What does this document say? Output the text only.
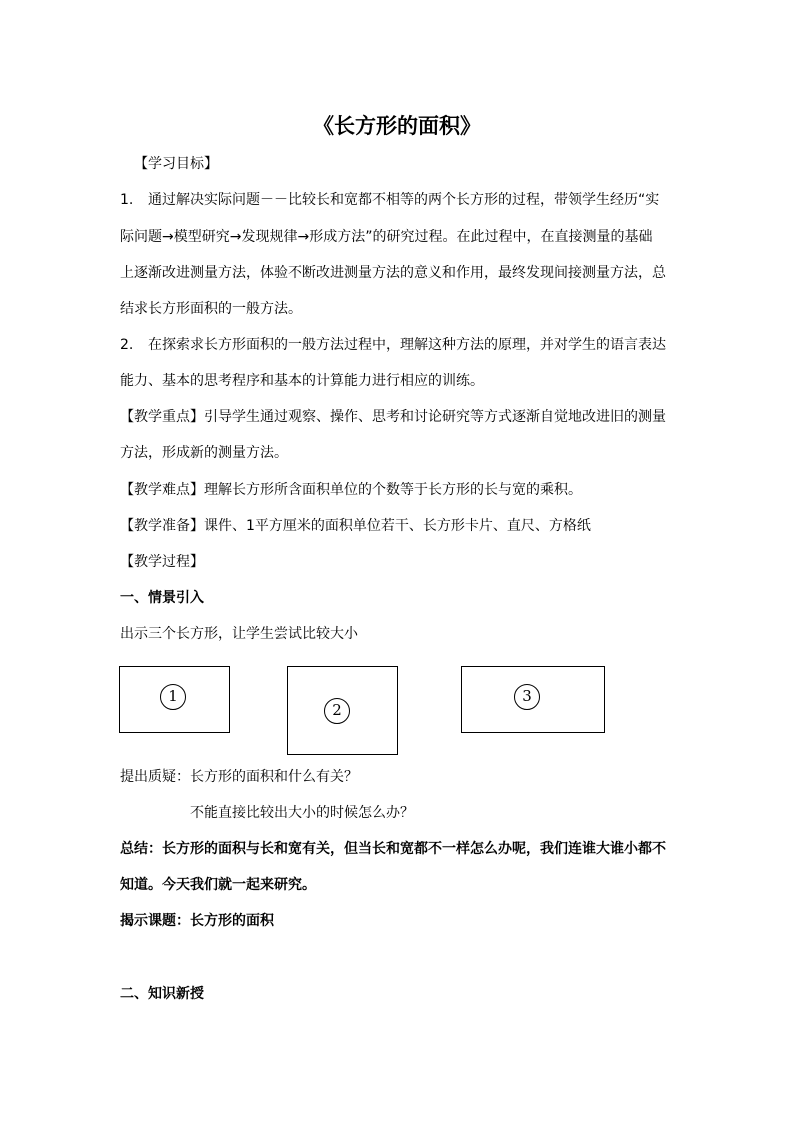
《长方形的面积》
【学习目标】
1. 通过解决实际问题－－比较长和宽都不相等的两个长方形的过程，带领学生经历“实
际问题→模型研究→发现规律→形成方法”的研究过程。在此过程中，在直接测量的基础
上逐渐改进测量方法，体验不断改进测量方法的意义和作用，最终发现间接测量方法，总
结求长方形面积的一般方法。
2. 在探索求长方形面积的一般方法过程中，理解这种方法的原理，并对学生的语言表达
能力、基本的思考程序和基本的计算能力进行相应的训练。
【教学重点】引导学生通过观察、操作、思考和讨论研究等方式逐渐自觉地改进旧的测量
方法，形成新的测量方法。
【教学难点】理解长方形所含面积单位的个数等于长方形的长与宽的乘积。
【教学准备】课件、1平方厘米的面积单位若干、长方形卡片、直尺、方格纸
【教学过程】
一、情景引入
出示三个长方形，让学生尝试比较大小
1
2
3
提出质疑：长方形的面积和什么有关？
不能直接比较出大小的时候怎么办？
总结：长方形的面积与长和宽有关，但当长和宽都不一样怎么办呢，我们连谁大谁小都不
知道。今天我们就一起来研究。
揭示课题：长方形的面积
二、知识新授
